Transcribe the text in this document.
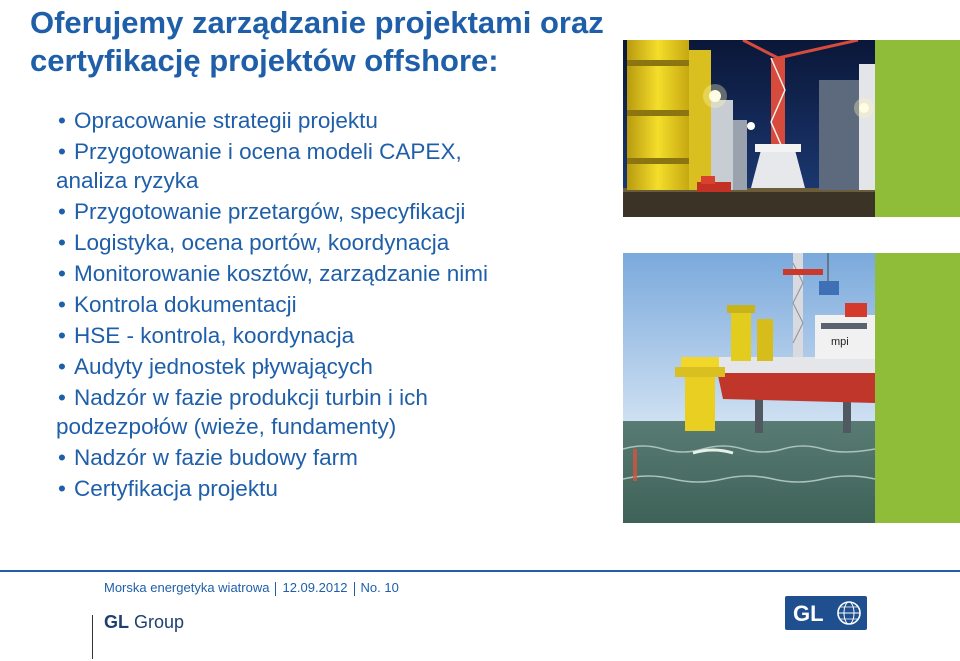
Oferujemy zarządzanie projektami oraz
certyfikację projektów offshore:
• Opracowanie strategii projektu
• Przygotowanie i ocena modeli CAPEX,
analiza ryzyka
• Przygotowanie przetargów, specyfikacji
• Logistyka, ocena portów, koordynacja
• Monitorowanie kosztów, zarządzanie nimi
• Kontrola dokumentacji
• HSE - kontrola, koordynacja
• Audyty jednostek pływających
• Nadzór w fazie produkcji turbin i ich
podzezpołów (wieże, fundamenty)
• Nadzór w fazie budowy farm
• Certyfikacja projektu
mpi
Morska energetyka wiatrowa 12.09.2012 No. 10
GL Group	GL
